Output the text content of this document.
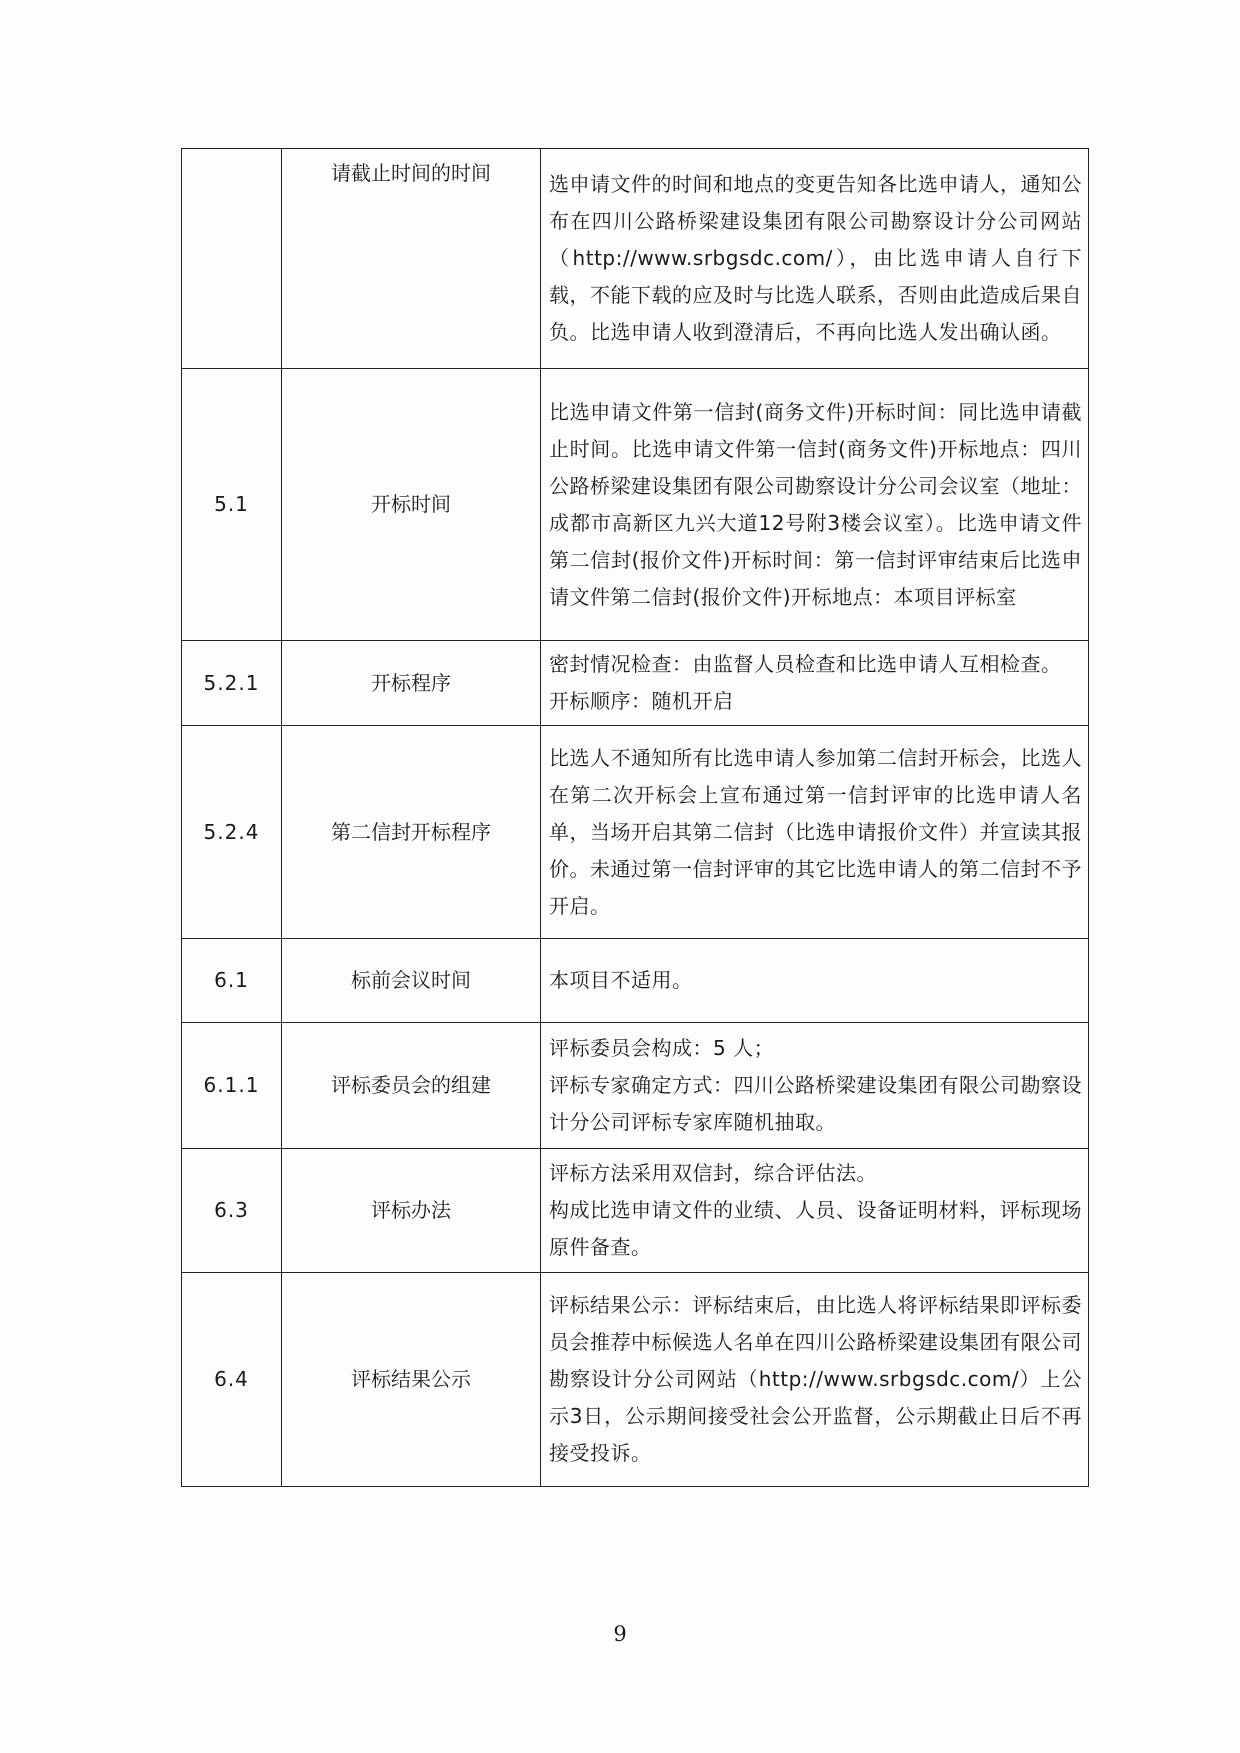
	请截止时间的时间	选申请文件的时间和地点的变更告知各比选申请人，通知公布在四川公路桥梁建设集团有限公司勘察设计分公司网站（http://www.srbgsdc.com/），由比选申请人自行下载，不能下载的应及时与比选人联系，否则由此造成后果自负。比选申请人收到澄清后，不再向比选人发出确认函。

5.1	开标时间	比选申请文件第一信封(商务文件)开标时间：同比选申请截止时间。比选申请文件第一信封(商务文件)开标地点：四川公路桥梁建设集团有限公司勘察设计分公司会议室（地址：成都市高新区九兴大道12号附3楼会议室）。比选申请文件第二信封(报价文件)开标时间：第一信封评审结束后比选申请文件第二信封(报价文件)开标地点：本项目评标室

5.2.1	开标程序	密封情况检查：由监督人员检查和比选申请人互相检查。
开标顺序：随机开启

5.2.4	第二信封开标程序	比选人不通知所有比选申请人参加第二信封开标会，比选人在第二次开标会上宣布通过第一信封评审的比选申请人名单，当场开启其第二信封（比选申请报价文件）并宣读其报价。未通过第一信封评审的其它比选申请人的第二信封不予开启。

6.1	标前会议时间	本项目不适用。

6.1.1	评标委员会的组建	评标委员会构成：5 人；
评标专家确定方式：四川公路桥梁建设集团有限公司勘察设计分公司评标专家库随机抽取。

6.3	评标办法	评标方法采用双信封，综合评估法。
构成比选申请文件的业绩、人员、设备证明材料，评标现场原件备查。

6.4	评标结果公示	评标结果公示：评标结束后，由比选人将评标结果即评标委员会推荐中标候选人名单在四川公路桥梁建设集团有限公司勘察设计分公司网站（http://www.srbgsdc.com/）上公示3日，公示期间接受社会公开监督，公示期截止日后不再接受投诉。
9
